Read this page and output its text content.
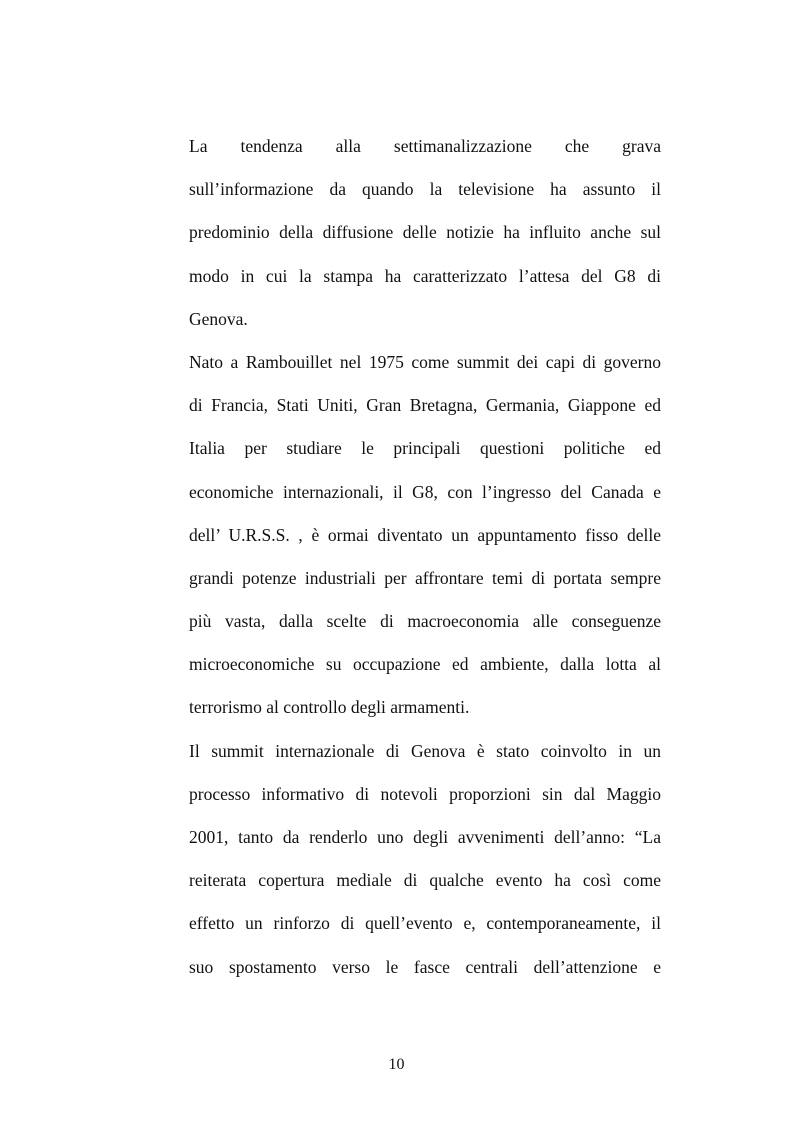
La tendenza alla settimanalizzazione che grava
sull’informazione da quando la televisione ha assunto il
predominio della diffusione delle notizie ha influito anche sul
modo in cui la stampa ha caratterizzato l’attesa del G8 di
Genova.
Nato a Rambouillet nel 1975 come summit dei capi di governo
di Francia, Stati Uniti, Gran Bretagna, Germania, Giappone ed
Italia per studiare le principali questioni politiche ed
economiche internazionali, il G8, con l’ingresso del Canada e
dell’ U.R.S.S. , è ormai diventato un appuntamento fisso delle
grandi potenze industriali per affrontare temi di portata sempre
più vasta, dalla scelte di macroeconomia alle conseguenze
microeconomiche su occupazione ed ambiente, dalla lotta al
terrorismo al controllo degli armamenti.
Il summit internazionale di Genova è stato coinvolto in un
processo informativo di notevoli proporzioni sin dal Maggio
2001, tanto da renderlo uno degli avvenimenti dell’anno: “La
reiterata copertura mediale di qualche evento ha così come
effetto un rinforzo di quell’evento e, contemporaneamente, il
suo spostamento verso le fasce centrali dell’attenzione e
10
